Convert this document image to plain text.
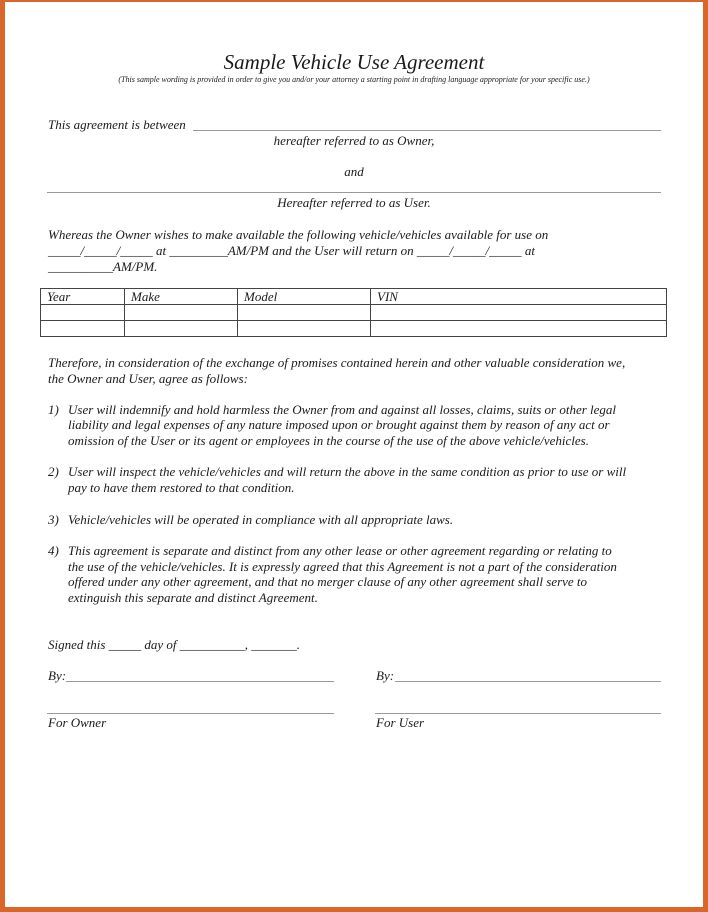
Sample Vehicle Use Agreement
(This sample wording is provided in order to give you and/or your attorney a starting point in drafting language appropriate for your specific use.)
This agreement is between
hereafter referred to as Owner,
and
Hereafter referred to as User.
Whereas the Owner wishes to make available the following vehicle/vehicles available for use on
_____/_____/_____ at _________AM/PM and the User will return on _____/_____/_____ at
__________AM/PM.
Year	Make	Model	VIN

Therefore, in consideration of the exchange of promises contained herein and other valuable consideration we,
the Owner and User, agree as follows:
1) User will indemnify and hold harmless the Owner from and against all losses, claims, suits or other legal
liability and legal expenses of any nature imposed upon or brought against them by reason of any act or
omission of the User or its agent or employees in the course of the use of the above vehicle/vehicles.
2) User will inspect the vehicle/vehicles and will return the above in the same condition as prior to use or will
pay to have them restored to that condition.
3) Vehicle/vehicles will be operated in compliance with all appropriate laws.
4) This agreement is separate and distinct from any other lease or other agreement regarding or relating to
the use of the vehicle/vehicles. It is expressly agreed that this Agreement is not a part of the consideration
offered under any other agreement, and that no merger clause of any other agreement shall serve to
extinguish this separate and distinct Agreement.
Signed this _____ day of __________, _______.
By:	By:
For Owner	For User
